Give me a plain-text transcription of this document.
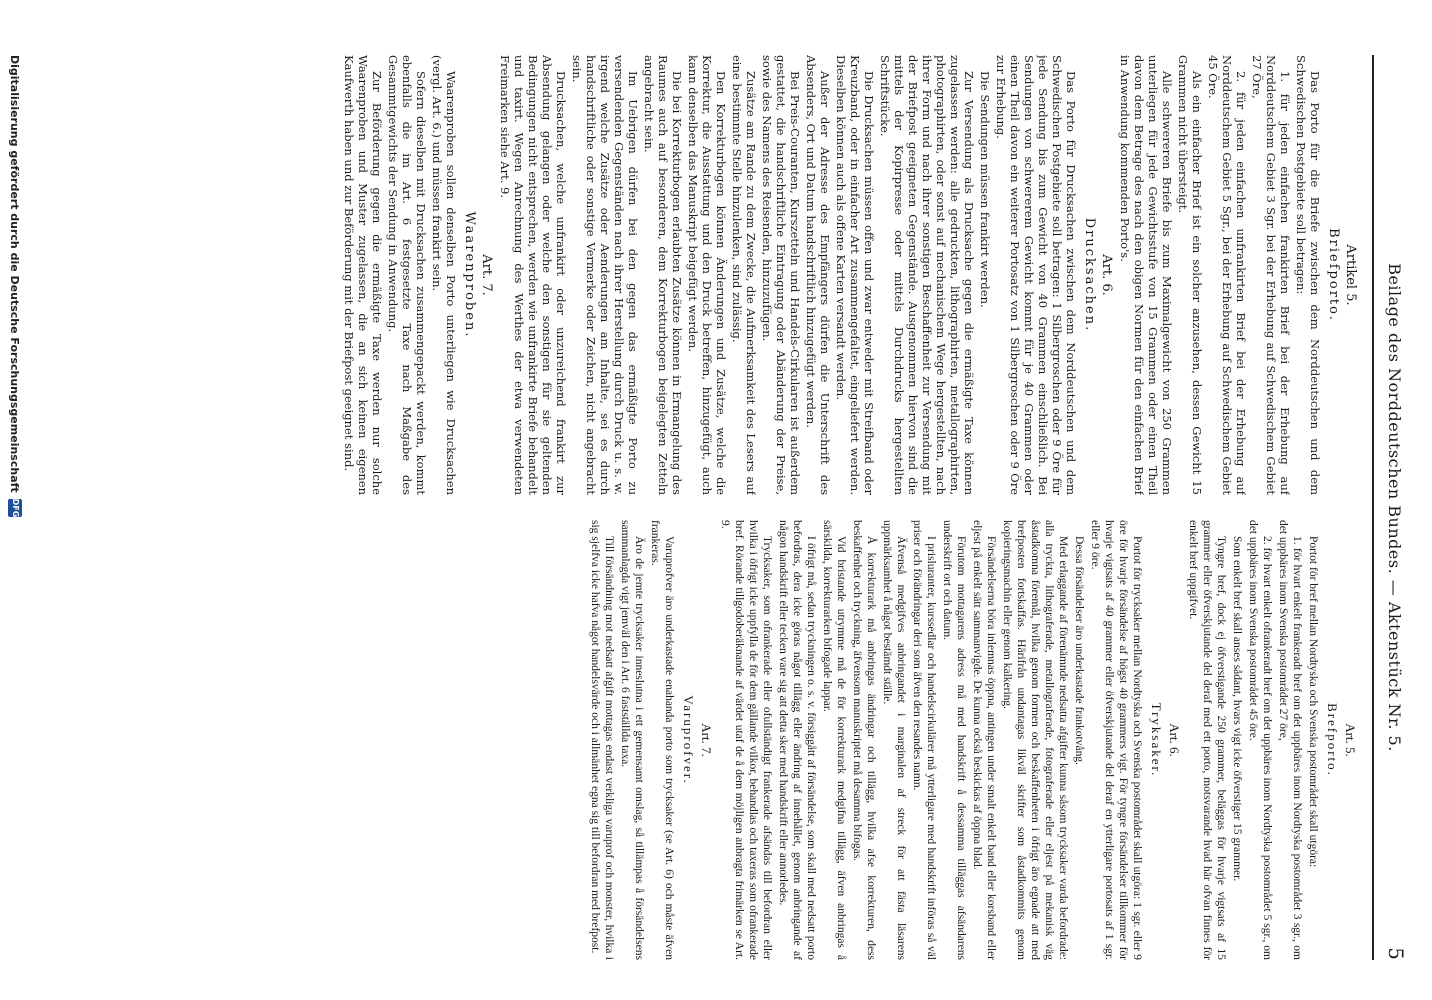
Beilage des Norddeutschen Bundes. — Aktenstück Nr. 5.
5
Artikel 5.
Briefporto.

Das Porto für die Briefe zwischen dem Norddeutschen und dem Schwedischen Postgebiete soll betragen:

1. für jeden einfachen frankirten Brief bei der Erhebung auf Norddeutschem Gebiet 3 Sgr. bei der Erhebung auf Schwedischem Gebiet 27 Öre,

2. für jeden einfachen unfrankirten Brief bei der Erhebung auf Norddeutschem Gebiet 5 Sgr., bei der Erhebung auf Schwedischem Gebiet 45 Öre.

Als ein einfacher Brief ist ein solcher anzusehen, dessen Gewicht 15 Grammen nicht übersteigt.

Alle schwereren Briefe bis zum Maximalgewicht von 250 Grammen unterliegen für jede Gewichtsstufe von 15 Grammen oder einen Theil davon dem Betrage des nach den obigen Normen für den einfachen Brief in Anwendung kommenden Porto's.

Art. 6.
Drucksachen.

Das Porto für Drucksachen zwischen dem Norddeutschen und dem Schwedischen Postgebiete soll betragen: 1 Silbergroschen oder 9 Öre für jede Sendung bis zum Gewicht von 40 Grammen einschließlich. Bei Sendungen von schwererem Gewicht kommt für je 40 Grammen oder einen Theil davon ein weiterer Portosatz von 1 Silbergroschen oder 9 Öre zur Erhebung.

Die Sendungen müssen frankirt werden.

Zur Versendung als Drucksache gegen die ermäßigte Taxe können zugelassen werden: alle gedruckten, lithographirten, metallographirten, photographirten, oder sonst auf mechanischem Wege hergestellten, nach ihrer Form und nach ihrer sonstigen Beschaffenheit zur Versendung mit der Briefpost geeigneten Gegenstände. Ausgenommen hiervon sind die mittels der Kopirpresse oder mittels Durchdrucks hergestellten Schriftstücke.

Die Drucksachen müssen offen und zwar entweder mit Streifband oder Kreuzband, oder in einfacher Art zusammengefaltet, eingeliefert werden. Dieselben können auch als offene Karten versandt werden.

Außer der Adresse des Empfängers dürfen die Unterschrift des Absenders, Ort und Datum handschriftlich hinzugefügt werden.

Bei Preis-Couranten, Kurszetteln und Handels-Cirkularen ist außerdem gestattet, die handschriftliche Eintragung oder Abänderung der Preise, sowie des Namens des Reisenden, hinzuzufügen.

Zusätze am Rande zu dem Zwecke, die Aufmerksamkeit des Lesers auf eine bestimmte Stelle hinzulenken, sind zulässig.

Den Korrekturbogen können Änderungen und Zusätze, welche die Korrektur, die Ausstattung und den Druck betreffen, hinzugefügt, auch kann denselben das Manuskript beigefügt werden.

Die bei Korrekturbogen erlaubten Zusätze können in Ermangelung des Raumes auch auf besonderen, dem Korrekturbogen beigelegten Zetteln angebracht sein.

Im Uebrigen dürfen bei den gegen das ermäßigte Porto zu versendenden Gegenständen nach ihrer Herstellung durch Druck u. s. w. irgend welche Zusätze oder Aenderungen am Inhalte, sei es durch handschriftliche oder sonstige Vermerke oder Zeichen, nicht angebracht sein.

Drucksachen, welche unfrankirt oder unzureichend frankirt zur Absendung gelangen oder welche den sonstigen für sie geltenden Bedingungen nicht entsprechen, werden wie unfrankirte Briefe behandelt und taxirt. Wegen Anrechnung des Werthes der etwa verwendeten Freimarken siehe Art. 9.

Art. 7.
Waarenproben.

Waarenproben sollen denselben Porto unterliegen wie Drucksachen (vergl. Art. 6.) und müssen frankirt sein.

Sofern dieselben mit Drucksachen zusammengepackt werden, kommt ebenfalls die im Art. 6 festgesetzte Taxe nach Maßgabe des Gesammtgewichts der Sendung in Anwendung.

Zur Beförderung gegen die ermäßigte Taxe werden nur solche Waarenproben und Muster zugelassen, die an sich keinen eigenen Kaufwerth haben und zur Beförderung mit der Briefpost geeignet sind.

Art. 5.
Brefporto.

Portot för bref mellan Nordtyska och Svenska postområdet skall utgöra:

1. för hvart enkelt frankeradt bref om det uppbäres inom Nordtyska postområdet 3 sgr., om det uppbäres inom Svenska postområdet 27 öre,

2. för hvart enkelt ofrankeradt bref om det uppbäres inom Nordtyska postområdet 5 sgr., om det uppbäres inom Svenska postområdet 45 öre.

Som enkelt bref skall anses sådant, hvars vigt icke öfverstiger 15 grammer.

Tyngre bref, dock ej öfverstigande 250 grammer, beläggas för hvarje vigtsats af 15 grammer eller öfverskjutande del deraf med ett porto, motsvarande hvad här ofvan finnes för enkelt bref uppgifvet.

Art. 6.
Tryksaker.

Portot för trycksaker mellan Nordtyska och Svenska postområdet skall utgöra: 1 sgr. eller 9 öre för hvarje försändelse af högst 40 grammers vigt. För tyngre försändelser tillkommer för hvarje vigtsats af 40 grammer eller öfverskjutande del deraf en ytterligare portosats af 1 sgr. eller 9 öre.

Dessa försändelser äro underkastade frankotvång.

Med erlaggande af förenämnde nedsatta afgifter kunna såsom trycksaker varda befordrade: alla tryckta, lithograferade, metallograferade, fotograferade eller eljest på mekanisk väg åstadkomna föremål, hvilka genom formen och beskaffenheten i öfrigt äro egnade att med brefposten fortskaffas. Härifrån undantagas likväl skrifter som åstadkommits genom kopieringsmachin eller genom kalkering.

Försändelserna böra inlemnas öppna, antingen under smalt enkelt band eller korsband eller eljest på enkelt sätt sammanvigde. De kunna också beskickas af öppna blad.

Förutom mottagarens adress må med handskrift å dessamma tilläggas afsändarens underskrift ort och datum.

I prisluranter, kurssedlar och handelscirkulärer må ytterligare med handskrift införas så väl priser och förändringar deri som äfven den resandes namn.

Äfvenså medgifves anbringandet i marginalen af streck för att fästa läsarens uppmärksamhet å något bestämdt ställe.

Å korrekturark må anbringas ändringar och tillägg, hvilka afse korrekturen, dess beskaffenhet och tryckning, äfvensom manuskriptet må desamma bifogas.

Vid bristande utrymme må de för korrekturark medgifna tillägg, äfven anbringas å särskilda, korrekturarken bifogade lappar.

I öfrigt må, sedan tryckningen o. s. v. försiggått af försändelse, som skall med nedsatt porto befordras, dera icke göras något tillägg eller ändring af innehållet, genom anbringande af någon handskrift eller tecken vare sig att detta sker med handskrift eller annorledes.

Trycksaker, som ofrankerade eller ofullständigt frankerade afsändas till befordran eller hvilka i öfrigt icke uppfylla de för dem gällande vilkor, behandlas och taxeras som ofrankerade bref. Rörande tillgodoberäknande af värdet utaf de å dem möjligen anbragta frimärken se Art. 9.

Art. 7.
Varuprofver.

Varuprofver äro underkastade enahanda porto som trycksaker (se Art. 6) och måste äfven frankeras.

Äro de jemte trycksaker inneslutna i ett gemensamt omslag, så tillämpas å försändelsens sammanlagda vigt jemväl den i Art. 6 fastställda taxa.

Till försändning mot nedsatt afgift mottagas endast verkliga varuprof och monster, hvilka i sig sjelfva icke hafva något handelsvärde och i allmänhet egna sig till befordran med brefpost.

Digitalisierung gefördert durch die Deutsche Forschungsgemeinschaft
DFG
